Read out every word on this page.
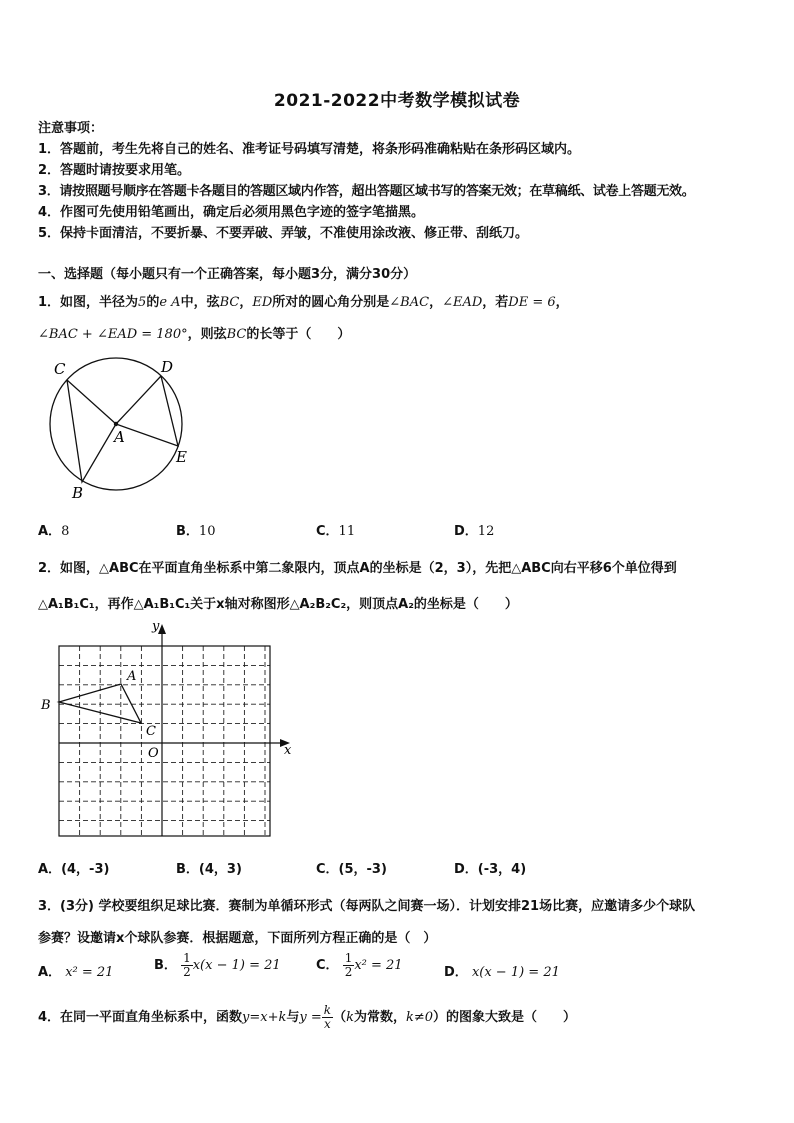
2021-2022中考数学模拟试卷
注意事项：
1．答题前，考生先将自己的姓名、准考证号码填写清楚，将条形码准确粘贴在条形码区域内。
2．答题时请按要求用笔。
3．请按照题号顺序在答题卡各题目的答题区域内作答，超出答题区域书写的答案无效；在草稿纸、试卷上答题无效。
4．作图可先使用铅笔画出，确定后必须用黑色字迹的签字笔描黑。
5．保持卡面清洁，不要折暴、不要弄破、弄皱，不准使用涂改液、修正带、刮纸刀。
一、选择题（每小题只有一个正确答案，每小题3分，满分30分）
1．如图，半径为5的e A中，弦BC，ED所对的圆心角分别是∠BAC，∠EAD，若DE = 6，
∠BAC + ∠EAD = 180°，则弦BC的长等于（　　）
C	D
A
E
B
A．8	B．10	C．11	D．12
2．如图，△ABC在平面直角坐标系中第二象限内，顶点A的坐标是（2，3），先把△ABC向右平移6个单位得到
△A₁B₁C₁，再作△A₁B₁C₁关于x轴对称图形△A₂B₂C₂，则顶点A₂的坐标是（　　）
y
x
O
A
B
C
A．(4，-3)	B．(4，3)	C．(5，-3)	D．(-3，4)
3．(3分) 学校要组织足球比赛．赛制为单循环形式（每两队之间赛一场）．计划安排21场比赛，应邀请多少个球队
参赛？设邀请x个球队参赛．根据题意，下面所列方程正确的是（　）
A． x² = 21	B． $\frac{1}{2} x(x - 1) = 21$	C． $\frac{1}{2} x^2 = 21$	D． x(x − 1) = 21
4．在同一平面直角坐标系中，函数y=x+k与$y = \frac{k}{x} (k$为常数，k≠0）的图象大致是（　　）
